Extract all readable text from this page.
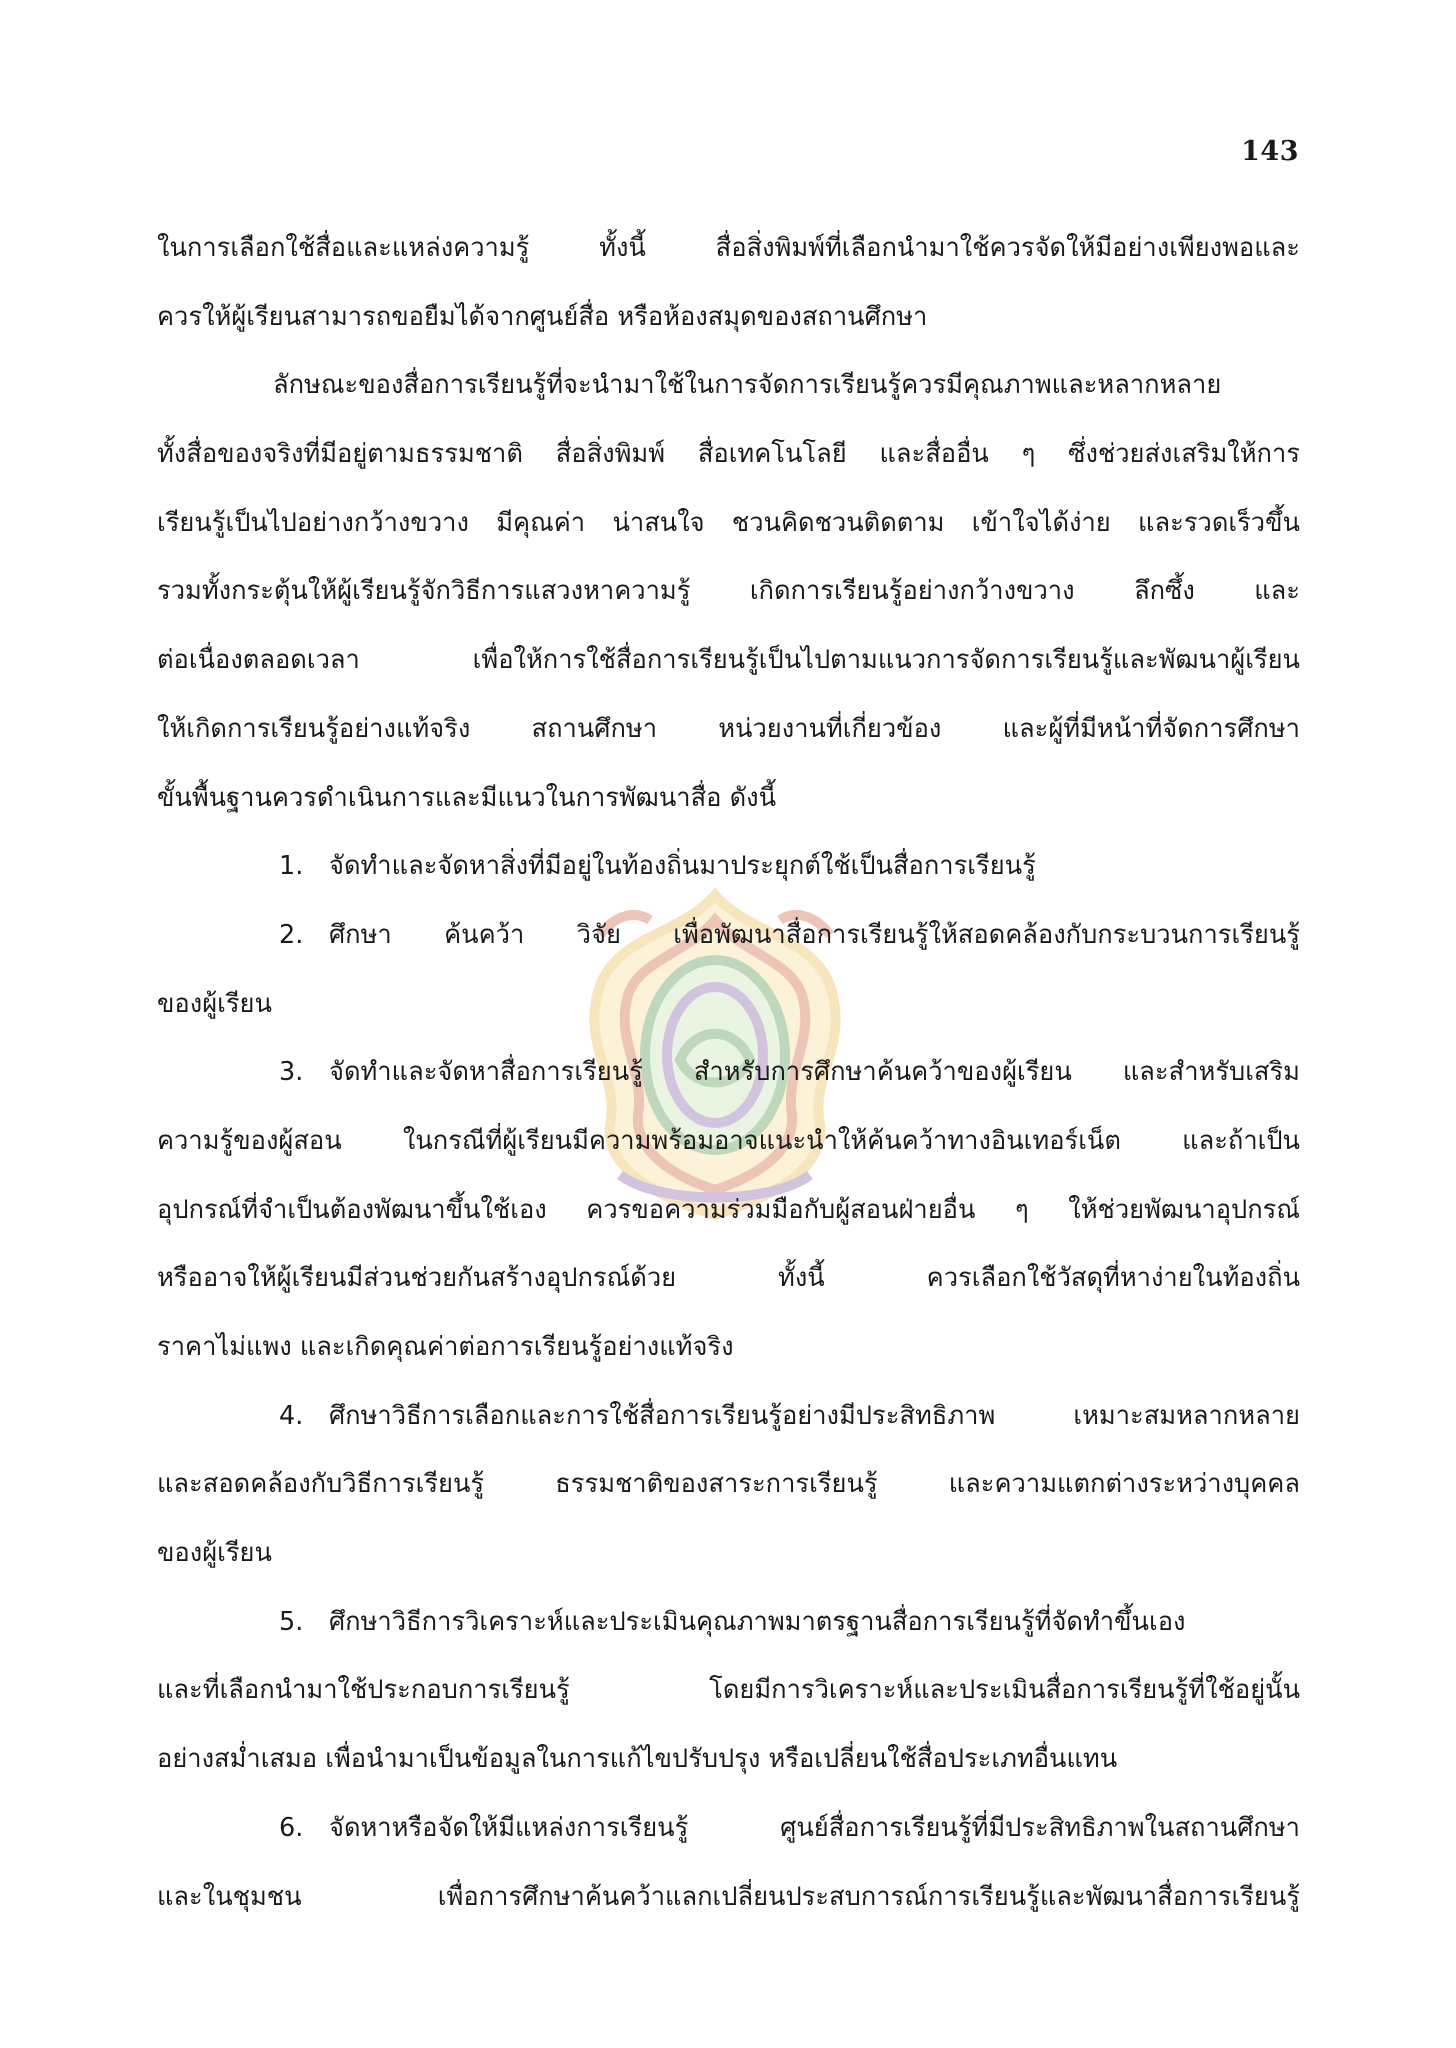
143
ในการเลือกใช้สื่อและแหล่งความรู้ ทั้งนี้ สื่อสิ่งพิมพ์ที่เลือกนำมาใช้ควรจัดให้มีอย่างเพียงพอและ
ควรให้ผู้เรียนสามารถขอยืมได้จากศูนย์สื่อ หรือห้องสมุดของสถานศึกษา
ลักษณะของสื่อการเรียนรู้ที่จะนำมาใช้ในการจัดการเรียนรู้ควรมีคุณภาพและหลากหลาย
ทั้งสื่อของจริงที่มีอยู่ตามธรรมชาติ สื่อสิ่งพิมพ์ สื่อเทคโนโลยี และสื่ออื่น ๆ ซึ่งช่วยส่งเสริมให้การ
เรียนรู้เป็นไปอย่างกว้างขวาง มีคุณค่า น่าสนใจ ชวนคิดชวนติดตาม เข้าใจได้ง่าย และรวดเร็วขึ้น
รวมทั้งกระตุ้นให้ผู้เรียนรู้จักวิธีการแสวงหาความรู้ เกิดการเรียนรู้อย่างกว้างขวาง ลึกซึ้ง และ
ต่อเนื่องตลอดเวลา เพื่อให้การใช้สื่อการเรียนรู้เป็นไปตามแนวการจัดการเรียนรู้และพัฒนาผู้เรียน
ให้เกิดการเรียนรู้อย่างแท้จริง สถานศึกษา หน่วยงานที่เกี่ยวข้อง และผู้ที่มีหน้าที่จัดการศึกษา
ขั้นพื้นฐานควรดำเนินการและมีแนวในการพัฒนาสื่อ ดังนี้
1. จัดทำและจัดหาสิ่งที่มีอยู่ในท้องถิ่นมาประยุกต์ใช้เป็นสื่อการเรียนรู้
2. ศึกษา ค้นคว้า วิจัย เพื่อพัฒนาสื่อการเรียนรู้ให้สอดคล้องกับกระบวนการเรียนรู้
ของผู้เรียน
3. จัดทำและจัดหาสื่อการเรียนรู้ สำหรับการศึกษาค้นคว้าของผู้เรียน และสำหรับเสริม
ความรู้ของผู้สอน ในกรณีที่ผู้เรียนมีความพร้อมอาจแนะนำให้ค้นคว้าทางอินเทอร์เน็ต และถ้าเป็น
อุปกรณ์ที่จำเป็นต้องพัฒนาขึ้นใช้เอง ควรขอความร่วมมือกับผู้สอนฝ่ายอื่น ๆ ให้ช่วยพัฒนาอุปกรณ์
หรืออาจให้ผู้เรียนมีส่วนช่วยกันสร้างอุปกรณ์ด้วย ทั้งนี้ ควรเลือกใช้วัสดุที่หาง่ายในท้องถิ่น
ราคาไม่แพง และเกิดคุณค่าต่อการเรียนรู้อย่างแท้จริง
4. ศึกษาวิธีการเลือกและการใช้สื่อการเรียนรู้อย่างมีประสิทธิภาพ เหมาะสมหลากหลาย
และสอดคล้องกับวิธีการเรียนรู้ ธรรมชาติของสาระการเรียนรู้ และความแตกต่างระหว่างบุคคล
ของผู้เรียน
5. ศึกษาวิธีการวิเคราะห์และประเมินคุณภาพมาตรฐานสื่อการเรียนรู้ที่จัดทำขึ้นเอง
และที่เลือกนำมาใช้ประกอบการเรียนรู้ โดยมีการวิเคราะห์และประเมินสื่อการเรียนรู้ที่ใช้อยู่นั้น
อย่างสม่ำเสมอ เพื่อนำมาเป็นข้อมูลในการแก้ไขปรับปรุง หรือเปลี่ยนใช้สื่อประเภทอื่นแทน
6. จัดหาหรือจัดให้มีแหล่งการเรียนรู้ ศูนย์สื่อการเรียนรู้ที่มีประสิทธิภาพในสถานศึกษา
และในชุมชน เพื่อการศึกษาค้นคว้าแลกเปลี่ยนประสบการณ์การเรียนรู้และพัฒนาสื่อการเรียนรู้
